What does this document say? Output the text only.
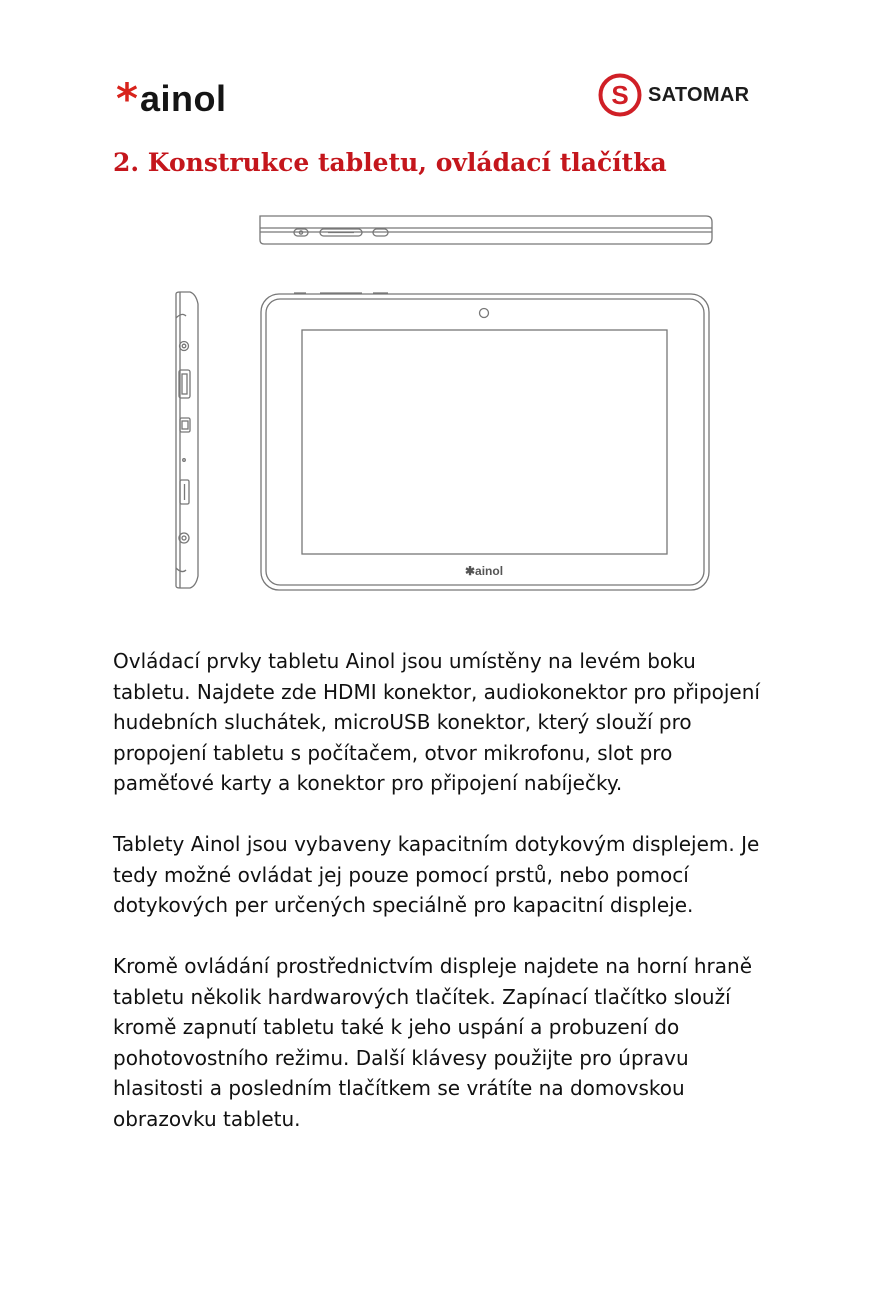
* ainol	S SATOMAR
2. Konstrukce tabletu, ovládací tlačítka
✱ainol

Ovládací prvky tabletu Ainol jsou umístěny na levém boku tabletu. Najdete zde HDMI konektor, audiokonektor pro připojení hudebních sluchátek, microUSB konektor, který slouží pro propojení tabletu s počítačem, otvor mikrofonu, slot pro paměťové karty a konektor pro připojení nabíječky.

Tablety Ainol jsou vybaveny kapacitním dotykovým displejem. Je tedy možné ovládat jej pouze pomocí prstů, nebo pomocí dotykových per určených speciálně pro kapacitní displeje.

Kromě ovládání prostřednictvím displeje najdete na horní hraně tabletu několik hardwarových tlačítek. Zapínací tlačítko slouží kromě zapnutí tabletu také k jeho uspání a probuzení do pohotovostního režimu. Další klávesy použijte pro úpravu hlasitosti a posledním tlačítkem se vrátíte na domovskou obrazovku tabletu.
